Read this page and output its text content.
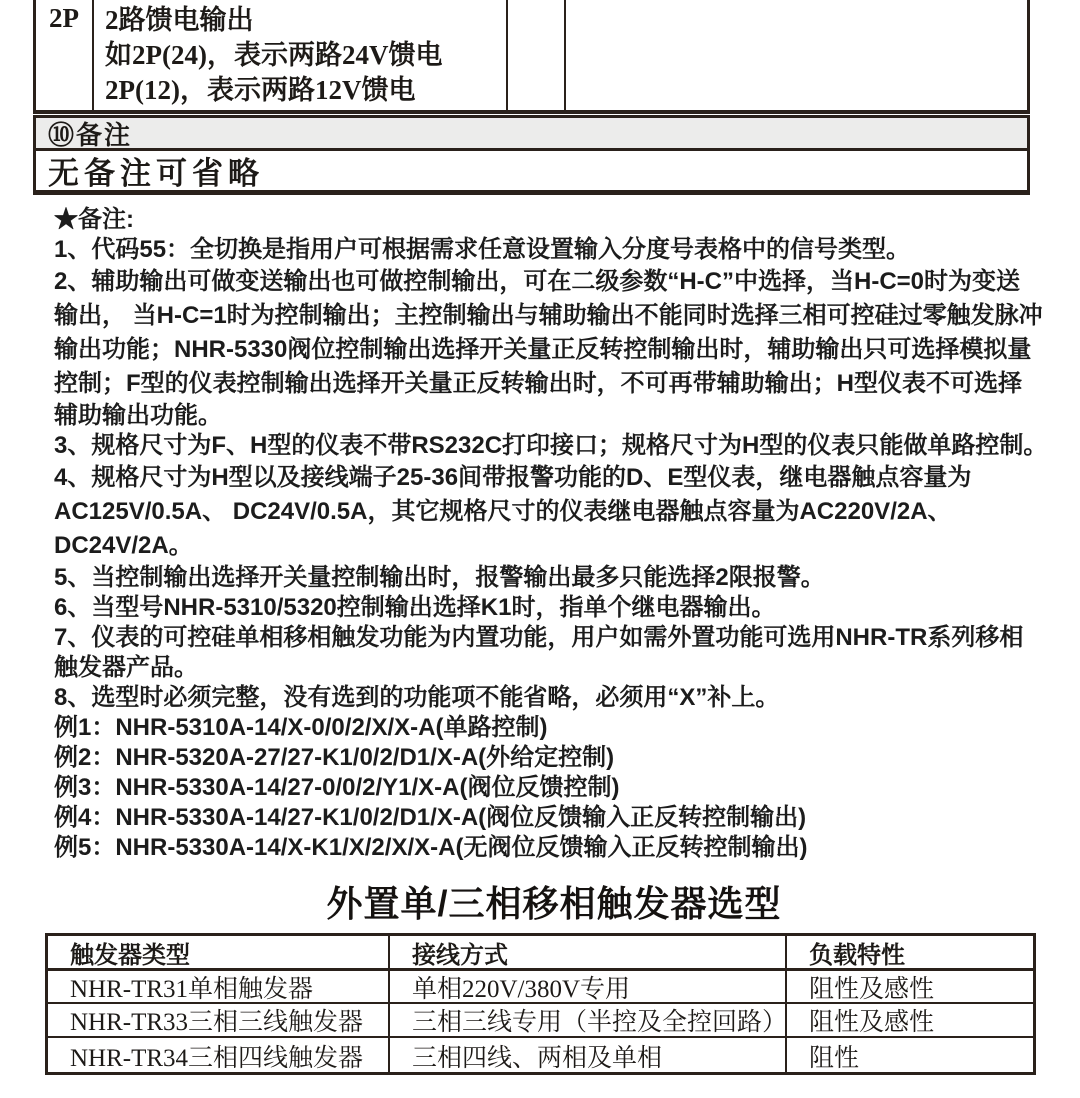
2P 2路馈电输出
如2P(24)，表示两路24V馈电
2P(12)，表示两路12V馈电
⑩备注
无备注可省略
★备注:
1、代码55：全切换是指用户可根据需求任意设置输入分度号表格中的信号类型。
2、辅助输出可做变送输出也可做控制输出，可在二级参数“H-C”中选择，当H-C=0时为变送
输出， 当H-C=1时为控制输出；主控制输出与辅助输出不能同时选择三相可控硅过零触发脉冲
输出功能；NHR-5330阀位控制输出选择开关量正反转控制输出时，辅助输出只可选择模拟量
控制；F型的仪表控制输出选择开关量正反转输出时，不可再带辅助输出；H型仪表不可选择
辅助输出功能。
3、规格尺寸为F、H型的仪表不带RS232C打印接口；规格尺寸为H型的仪表只能做单路控制。
4、规格尺寸为H型以及接线端子25-36间带报警功能的D、E型仪表，继电器触点容量为
AC125V/0.5A、 DC24V/0.5A，其它规格尺寸的仪表继电器触点容量为AC220V/2A、
DC24V/2A。
5、当控制输出选择开关量控制输出时，报警输出最多只能选择2限报警。
6、当型号NHR-5310/5320控制输出选择K1时，指单个继电器输出。
7、仪表的可控硅单相移相触发功能为内置功能，用户如需外置功能可选用NHR-TR系列移相
触发器产品。
8、选型时必须完整，没有选到的功能项不能省略，必须用“X”补上。
例1：NHR-5310A-14/X-0/0/2/X/X-A(单路控制)
例2：NHR-5320A-27/27-K1/0/2/D1/X-A(外给定控制)
例3：NHR-5330A-14/27-0/0/2/Y1/X-A(阀位反馈控制)
例4：NHR-5330A-14/27-K1/0/2/D1/X-A(阀位反馈输入正反转控制输出)
例5：NHR-5330A-14/X-K1/X/2/X/X-A(无阀位反馈输入正反转控制输出)
外置单/三相移相触发器选型
触发器类型	接线方式	负载特性
NHR-TR31单相触发器	单相220V/380V专用	阻性及感性
NHR-TR33三相三线触发器	三相三线专用（半控及全控回路） 阻性及感性
NHR-TR34三相四线触发器	三相四线、两相及单相	阻性
